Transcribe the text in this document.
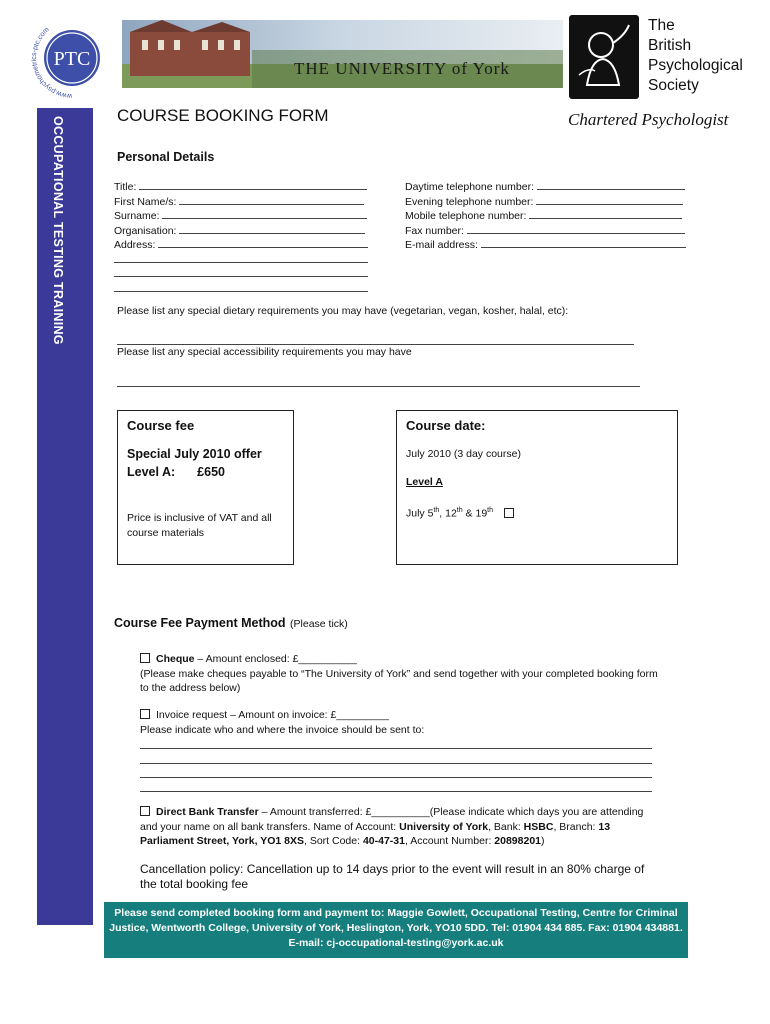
www.psychometrics-ptc.com
PTC	THE UNIVERSITY of York
The
British
Psychological
Society
Chartered Psychologist
OCCUPATIONAL TESTING TRAINING
COURSE BOOKING FORM
Personal Details
Title:
First Name/s:
Surname:
Organisation:
Address:
Daytime telephone number:
Evening telephone number:
Mobile telephone number:
Fax number:
E-mail address:
Please list any special dietary requirements you may have (vegetarian, vegan, kosher, halal, etc):
Please list any special accessibility requirements you may have
Course fee
Special July 2010 offer
Level A: £650
Price is inclusive of VAT and all course materials
Course date:
July 2010 (3 day course)
Level A
July 5th, 12th & 19th
Course Fee Payment Method (Please tick)
Cheque – Amount enclosed: £__________
(Please make cheques payable to “The University of York” and send together with your completed booking form to the address below)
Invoice request – Amount on invoice: £_________
Please indicate who and where the invoice should be sent to:
Direct Bank Transfer – Amount transferred: £__________(Please indicate which days you are attending and your name on all bank transfers. Name of Account: University of York, Bank: HSBC, Branch: 13 Parliament Street, York, YO1 8XS, Sort Code: 40-47-31, Account Number: 20898201)
Cancellation policy: Cancellation up to 14 days prior to the event will result in an 80% charge of the total booking fee
Please send completed booking form and payment to: Maggie Gowlett, Occupational Testing, Centre for Criminal Justice, Wentworth College, University of York, Heslington, York, YO10 5DD. Tel: 01904 434 885. Fax: 01904 434881. E-mail: cj-occupational-testing@york.ac.uk
